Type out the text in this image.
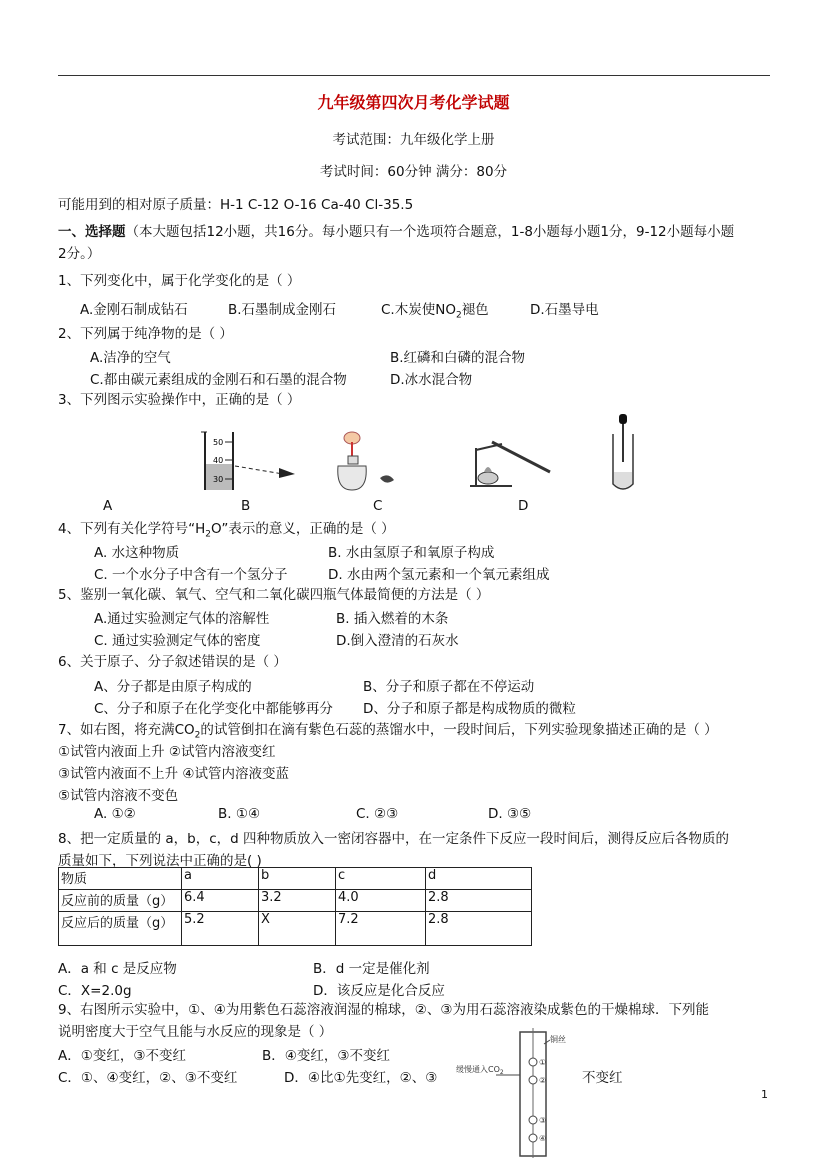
九年级第四次月考化学试题
考试范围：九年级化学上册
考试时间：60分钟 满分：80分
可能用到的相对原子质量：H-1 C-12 O-16 Ca-40 Cl-35.5
一、选择题（本大题包括12小题，共16分。每小题只有一个选项符合题意，1-8小题每小题1分，9-12小题每小题
2分。）
1、下列变化中，属于化学变化的是（ ）
A.金刚石制成钻石	B.石墨制成金刚石	C.木炭使$NO_2$褪色	D.石墨导电
2、下列属于纯净物的是（ ）
A.洁净的空气	B.红磷和白磷的混合物
C.都由碳元素组成的金刚石和石墨的混合物	D.冰水混合物
3、下列图示实验操作中，正确的是（ ）
50
40
30
A	B	C	D
4、下列有关化学符号“$H_2O$”表示的意义，正确的是（ ）
A. 水这种物质	B. 水由氢原子和氧原子构成
C. 一个水分子中含有一个氢分子	D. 水由两个氢元素和一个氧元素组成
5、鉴别一氧化碳、氧气、空气和二氧化碳四瓶气体最简便的方法是（ ）
A.通过实验测定气体的溶解性	B. 插入燃着的木条
C. 通过实验测定气体的密度	D.倒入澄清的石灰水
6、关于原子、分子叙述错误的是（ ）
A、分子都是由原子构成的	B、分子和原子都在不停运动
C、分子和原子在化学变化中都能够再分 D、分子和原子都是构成物质的微粒
7、如右图，将充满$CO_2$的试管倒扣在滴有紫色石蕊的蒸馏水中，一段时间后，下列实验现象描述正确的是（ ）
①试管内液面上升 ②试管内溶液变红
③试管内液面不上升 ④试管内溶液变蓝
⑤试管内溶液不变色
A. ①②	B. ①④	C. ②③	D. ③⑤
8、把一定质量的 a，b，c，d 四种物质放入一密闭容器中，在一定条件下反应一段时间后，测得反应后各物质的
质量如下，下列说法中正确的是( )
物质	a	b	c	d
反应前的质量（g）	6.4	3.2	4.0	2.8
反应后的质量（g）	5.2	X	7.2	2.8
A．a 和 c 是反应物	B．d 一定是催化剂
C．X=2.0g	D．该反应是化合反应
9、右图所示实验中，①、④为用紫色石蕊溶液润湿的棉球，②、③为用石蕊溶液染成紫色的干燥棉球．下列能
说明密度大于空气且能与水反应的现象是（ ）
A．①变红，③不变红	B．④变红，③不变红
C．①、④变红，②、③不变红	D．④比①先变红，②、③	不变红
铜丝
①
②
③
④
缓慢通入$CO_2$
1
